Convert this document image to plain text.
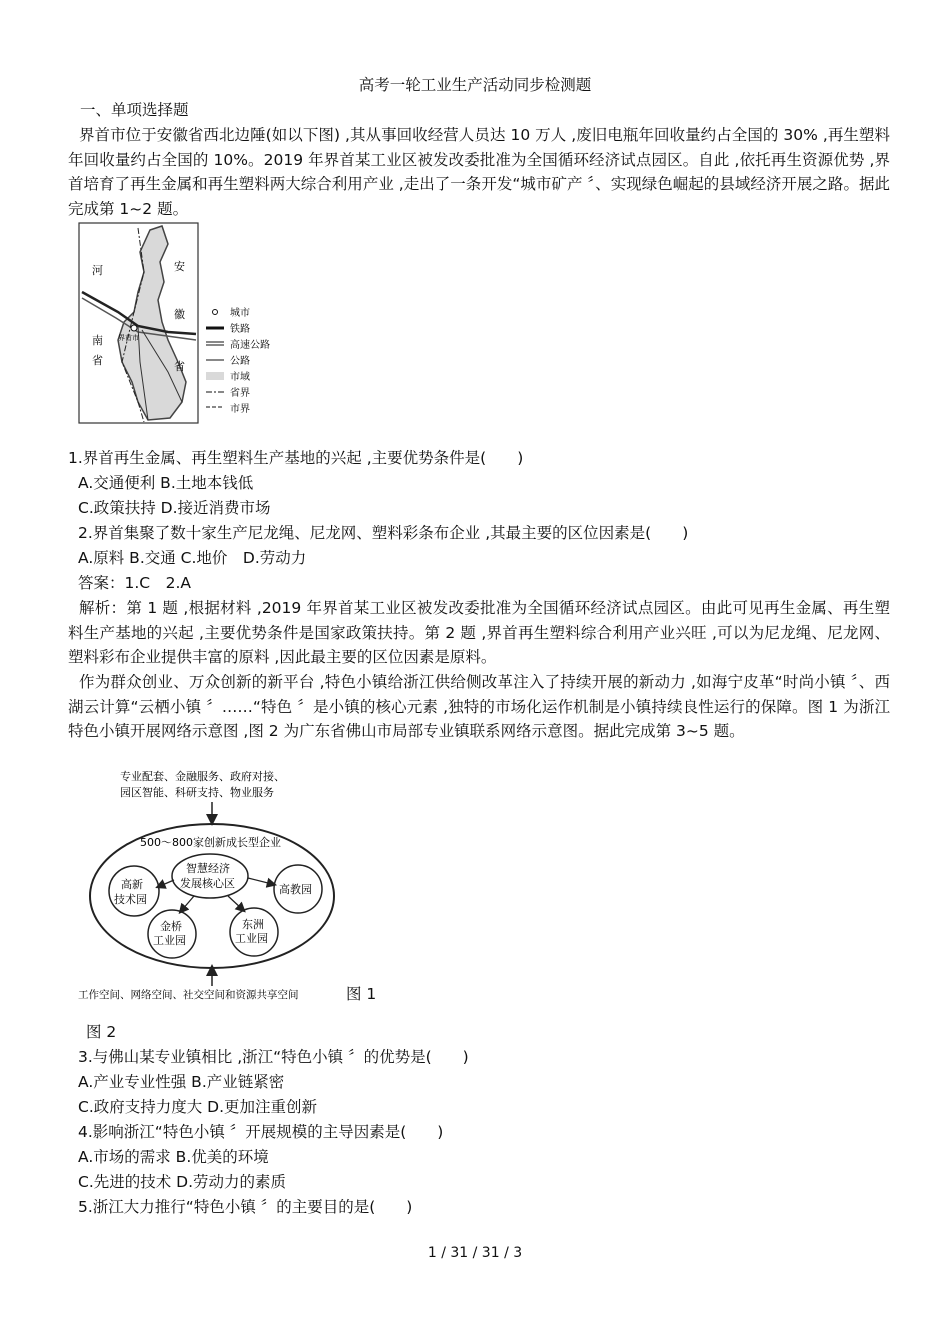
高考一轮工业生产活动同步检测题
一、单项选择题
界首市位于安徽省西北边陲(如以下图) ,其从事回收经营人员达 10 万人 ,废旧电瓶年回收量约占全国的 30% ,再生塑料年回收量约占全国的 10%。2019 年界首某工业区被发改委批准为全国循环经济试点园区。自此 ,依托再生资源优势 ,界首培育了再生金属和再生塑料两大综合利用产业 ,走出了一条开发“城市矿产 〞、实现绿色崛起的县域经济开展之路。据此完成第 1~2 题。
河
南
省
安
徽
省
界首市
城市
铁路
高速公路
公路
市域
省界
市界
1.界首再生金属、再生塑料生产基地的兴起 ,主要优势条件是(　　)
A.交通便利 B.土地本钱低
C.政策扶持 D.接近消费市场
2.界首集聚了数十家生产尼龙绳、尼龙网、塑料彩条布企业 ,其最主要的区位因素是(　　)
A.原料 B.交通 C.地价　D.劳动力
答案：1.C　2.A
解析：第 1 题 ,根据材料 ,2019 年界首某工业区被发改委批准为全国循环经济试点园区。由此可见再生金属、再生塑料生产基地的兴起 ,主要优势条件是国家政策扶持。第 2 题 ,界首再生塑料综合利用产业兴旺 ,可以为尼龙绳、尼龙网、塑料彩布企业提供丰富的原料 ,因此最主要的区位因素是原料。
作为群众创业、万众创新的新平台 ,特色小镇给浙江供给侧改革注入了持续开展的新动力 ,如海宁皮革“时尚小镇 〞、西湖云计算“云栖小镇 〞……“特色 〞是小镇的核心元素 ,独特的市场化运作机制是小镇持续良性运行的保障。图 1 为浙江特色小镇开展网络示意图 ,图 2 为广东省佛山市局部专业镇联系网络示意图。据此完成第 3~5 题。
专业配套、金融服务、政府对接、
园区智能、科研支持、物业服务
500～800家创新成长型企业
智慧经济
发展核心区
高新
技术园
高教园
金桥
工业园
东洲
工业园
工作空间、网络空间、社交空间和资源共享空间	图 1
图 2
3.与佛山某专业镇相比 ,浙江“特色小镇 〞的优势是(　　)
A.产业专业性强 B.产业链紧密
C.政府支持力度大 D.更加注重创新
4.影响浙江“特色小镇 〞开展规模的主导因素是(　　)
A.市场的需求 B.优美的环境
C.先进的技术 D.劳动力的素质
5.浙江大力推行“特色小镇 〞的主要目的是(　　)
1 / 31 / 31 / 3
